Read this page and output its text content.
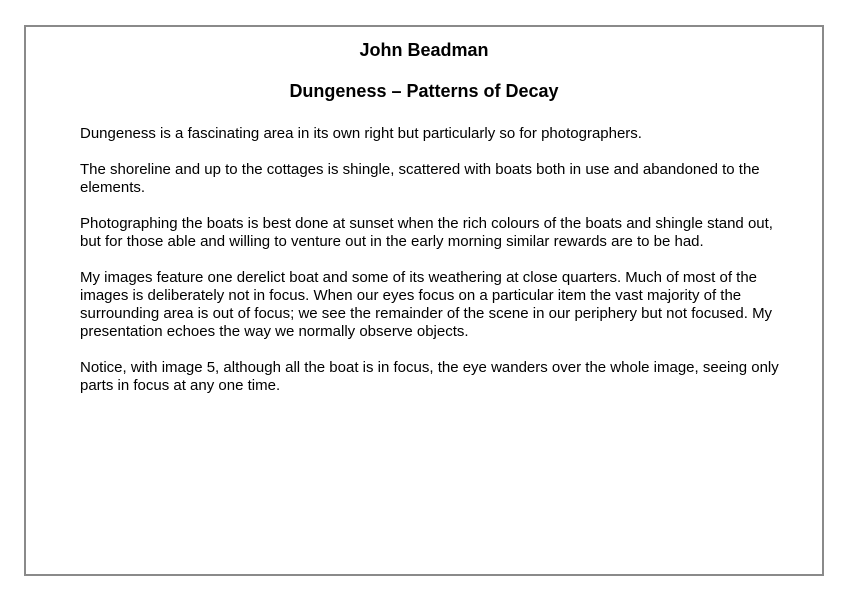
John Beadman
Dungeness – Patterns of Decay

Dungeness is a fascinating area in its own right but particularly so for photographers.

The shoreline and up to the cottages is shingle, scattered with boats both in use and abandoned to the elements.

Photographing the boats is best done at sunset when the rich colours of the boats and shingle stand out, but for those able and willing to venture out in the early morning similar rewards are to be had.

My images feature one derelict boat and some of its weathering at close quarters. Much of most of the images is deliberately not in focus. When our eyes focus on a particular item the vast majority of the surrounding area is out of focus; we see the remainder of the scene in our periphery but not focused. My presentation echoes the way we normally observe objects.

Notice, with image 5, although all the boat is in focus, the eye wanders over the whole image, seeing only parts in focus at any one time.
